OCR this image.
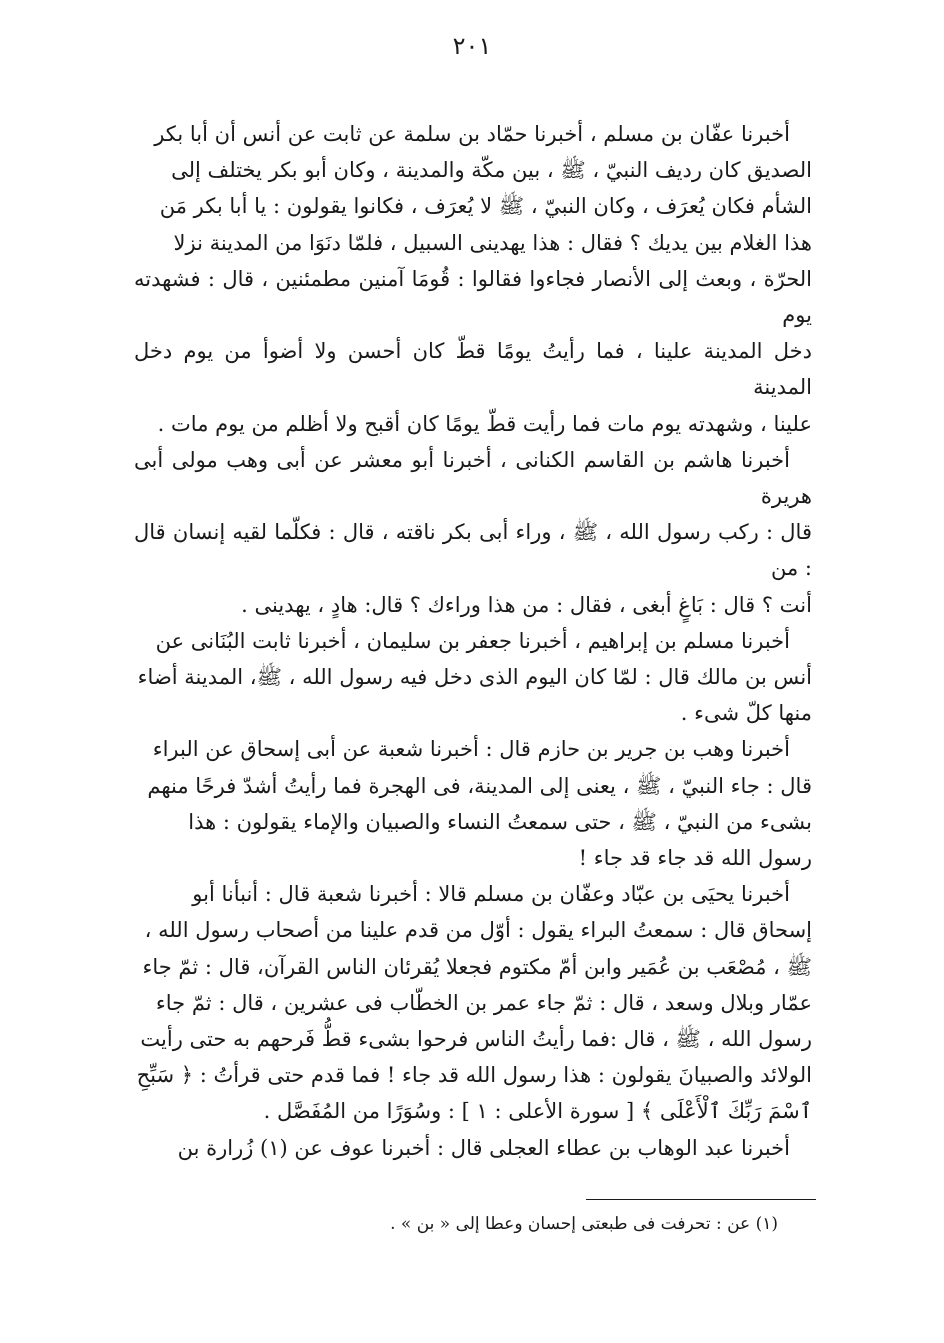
٢٠١

أخبرنا عفّان بن مسلم ، أخبرنا حمّاد بن سلمة عن ثابت عن أنس أن أبا بكر

الصديق كان رديف النبيّ ، ﷺ ، بين مكّة والمدينة ، وكان أبو بكر يختلف إلى

الشأم فكان يُعرَف ، وكان النبيّ ، ﷺ لا يُعرَف ، فكانوا يقولون : يا أبا بكر مَن

هذا الغلام بين يديك ؟ فقال : هذا يهدينى السبيل ، فلمّا دنَوَا من المدينة نزلا

الحرّة ، وبعث إلى الأنصار فجاءوا فقالوا : قُومَا آمنين مطمئنين ، قال : فشهدته يوم

دخل المدينة علينا ، فما رأيتُ يومًا قطّ كان أحسن ولا أضوأ من يوم دخل المدينة

علينا ، وشهدته يوم مات فما رأيت قطّ يومًا كان أقبح ولا أظلم من يوم مات .

أخبرنا هاشم بن القاسم الكنانى ، أخبرنا أبو معشر عن أبى وهب مولى أبى هريرة

قال : ركب رسول الله ، ﷺ ، وراء أبى بكر ناقته ، قال : فكلّما لقيه إنسان قال : من

أنت ؟ قال : بَاغٍ أبغى ، فقال : من هذا وراءك ؟ قال: هادٍ ، يهدينى .

أخبرنا مسلم بن إبراهيم ، أخبرنا جعفر بن سليمان ، أخبرنا ثابت البُنَانى عن

أنس بن مالك قال : لمّا كان اليوم الذى دخل فيه رسول الله ، ﷺ، المدينة أضاء

منها كلّ شىء .

أخبرنا وهب بن جرير بن حازم قال : أخبرنا شعبة عن أبى إسحاق عن البراء

قال : جاء النبيّ ، ﷺ ، يعنى إلى المدينة، فى الهجرة فما رأيتُ أشدّ فرحًا منهم

بشىء من النبيّ ، ﷺ ، حتى سمعتُ النساء والصبيان والإماء يقولون : هذا

رسول الله قد جاء قد جاء !

أخبرنا يحيَى بن عبّاد وعفّان بن مسلم قالا : أخبرنا شعبة قال : أنبأنا أبو

إسحاق قال : سمعتُ البراء يقول : أوّل من قدم علينا من أصحاب رسول الله ،

ﷺ ، مُصْعَب بن عُمَير وابن أمّ مكتوم فجعلا يُقرئان الناس القرآن، قال : ثمّ جاء

عمّار وبلال وسعد ، قال : ثمّ جاء عمر بن الخطّاب فى عشرين ، قال : ثمّ جاء

رسول الله ، ﷺ ، قال :فما رأيتُ الناس فرحوا بشىء قطُّ فَرحهم به حتى رأيت

الولائد والصبيانَ يقولون : هذا رسول الله قد جاء ! فما قدم حتى قرأتُ : ﴿ سَبِّحِ

ٱسْمَ رَبِّكَ ٱلْأَعْلَى ﴾ [ سورة الأعلى : ١ ] : وسُوَرًا من المُفَصَّل .

أخبرنا عبد الوهاب بن عطاء العجلى قال : أخبرنا عوف عن (١) زُرارة بن

(١) عن : تحرفت فى طبعتى إحسان وعطا إلى « بن » .
